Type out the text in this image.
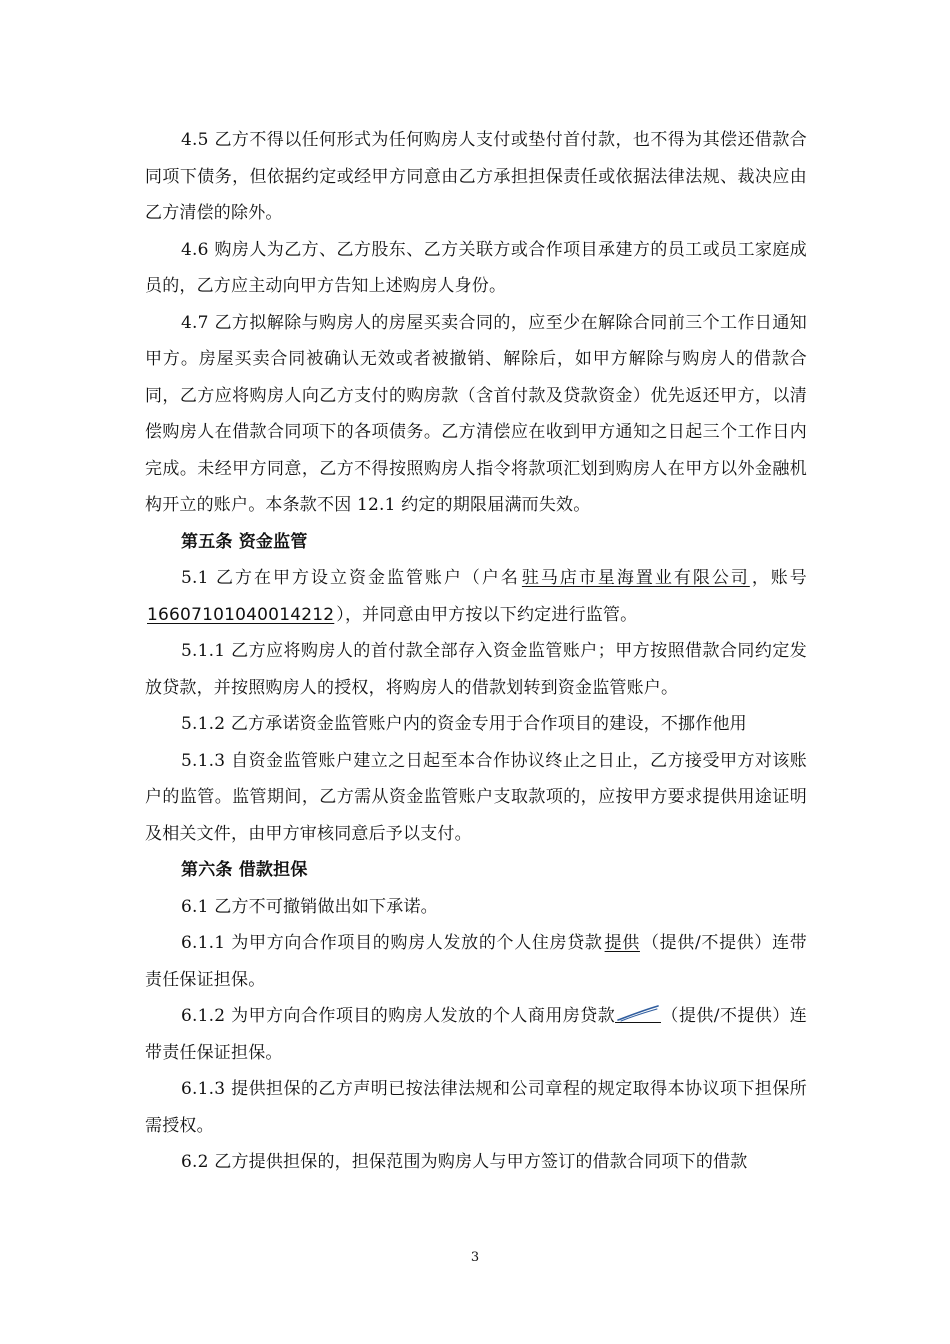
4.5 乙方不得以任何形式为任何购房人支付或垫付首付款，也不得为其偿还借款合同项下债务，但依据约定或经甲方同意由乙方承担担保责任或依据法律法规、裁决应由乙方清偿的除外。

4.6 购房人为乙方、乙方股东、乙方关联方或合作项目承建方的员工或员工家庭成员的，乙方应主动向甲方告知上述购房人身份。

4.7 乙方拟解除与购房人的房屋买卖合同的，应至少在解除合同前三个工作日通知甲方。房屋买卖合同被确认无效或者被撤销、解除后，如甲方解除与购房人的借款合同，乙方应将购房人向乙方支付的购房款（含首付款及贷款资金）优先返还甲方，以清偿购房人在借款合同项下的各项债务。乙方清偿应在收到甲方通知之日起三个工作日内完成。未经甲方同意，乙方不得按照购房人指令将款项汇划到购房人在甲方以外金融机构开立的账户。本条款不因 12.1 约定的期限届满而失效。

第五条 资金监管

5.1 乙方在甲方设立资金监管账户（户名 驻马店市星海置业有限公司 ，账号16607101040014212 ），并同意由甲方按以下约定进行监管。

5.1.1 乙方应将购房人的首付款全部存入资金监管账户；甲方按照借款合同约定发放贷款，并按照购房人的授权，将购房人的借款划转到资金监管账户。

5.1.2 乙方承诺资金监管账户内的资金专用于合作项目的建设，不挪作他用

5.1.3 自资金监管账户建立之日起至本合作协议终止之日止，乙方接受甲方对该账户的监管。监管期间，乙方需从资金监管账户支取款项的，应按甲方要求提供用途证明及相关文件，由甲方审核同意后予以支付。

第六条 借款担保

6.1 乙方不可撤销做出如下承诺。

6.1.1 为甲方向合作项目的购房人发放的个人住房贷款 提供 （提供/不提供）连带责任保证担保。

6.1.2 为甲方向合作项目的购房人发放的个人商用房贷款	（提供/不提供）连带责任保证担保。

6.1.3 提供担保的乙方声明已按法律法规和公司章程的规定取得本协议项下担保所需授权。

6.2 乙方提供担保的，担保范围为购房人与甲方签订的借款合同项下的借款

3
